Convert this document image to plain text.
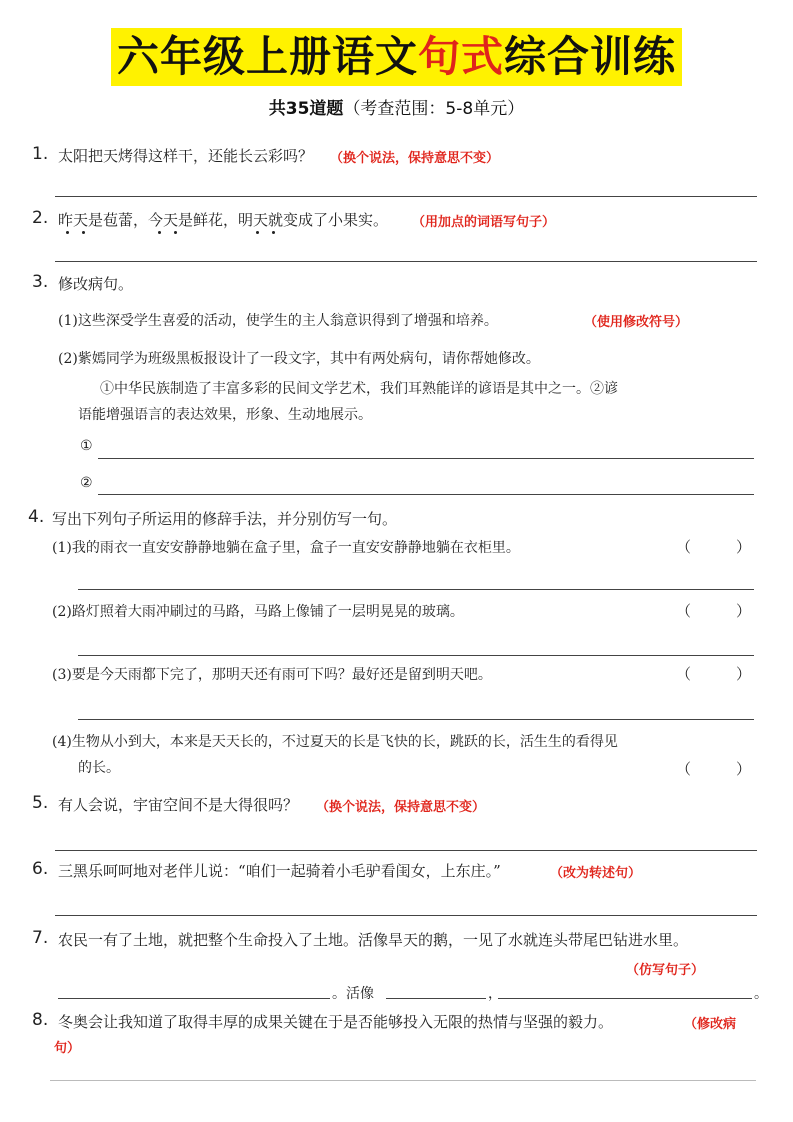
六年级上册语文句式综合训练
共35道题（考查范围：5-8单元）
1. 太阳把天烤得这样干，还能长云彩吗？ （换个说法，保持意思不变）
2. 昨天是苞蕾，今天是鲜花，明天就变成了小果实。 （用加点的词语写句子）
3. 修改病句。
(1)这些深受学生喜爱的活动，使学生的主人翁意识得到了增强和培养。	（使用修改符号）
(2)紫嫣同学为班级黑板报设计了一段文字，其中有两处病句，请你帮她修改。
①中华民族制造了丰富多彩的民间文学艺术，我们耳熟能详的谚语是其中之一。②谚
语能增强语言的表达效果，形象、生动地展示。
①
②
4. 写出下列句子所运用的修辞手法，并分别仿写一句。
(1)我的雨衣一直安安静静地躺在盒子里，盒子一直安安静静地躺在衣柜里。	（　　　）
(2)路灯照着大雨冲刷过的马路，马路上像铺了一层明晃晃的玻璃。	（　　　）
(3)要是今天雨都下完了，那明天还有雨可下吗？最好还是留到明天吧。	（　　　）
(4)生物从小到大，本来是天天长的，不过夏天的长是飞快的长，跳跃的长，活生生的看得见
的长。	（　　　）
5. 有人会说，宇宙空间不是大得很吗？ （换个说法，保持意思不变）
6. 三黑乐呵呵地对老伴儿说：“咱们一起骑着小毛驴看闺女，上东庄。”	（改为转述句）
7. 农民一有了土地，就把整个生命投入了土地。活像旱天的鹅，一见了水就连头带尾巴钻进水里。
（仿写句子）
。活像	，	。
8. 冬奥会让我知道了取得丰厚的成果关键在于是否能够投入无限的热情与坚强的毅力。	（修改病
句）
